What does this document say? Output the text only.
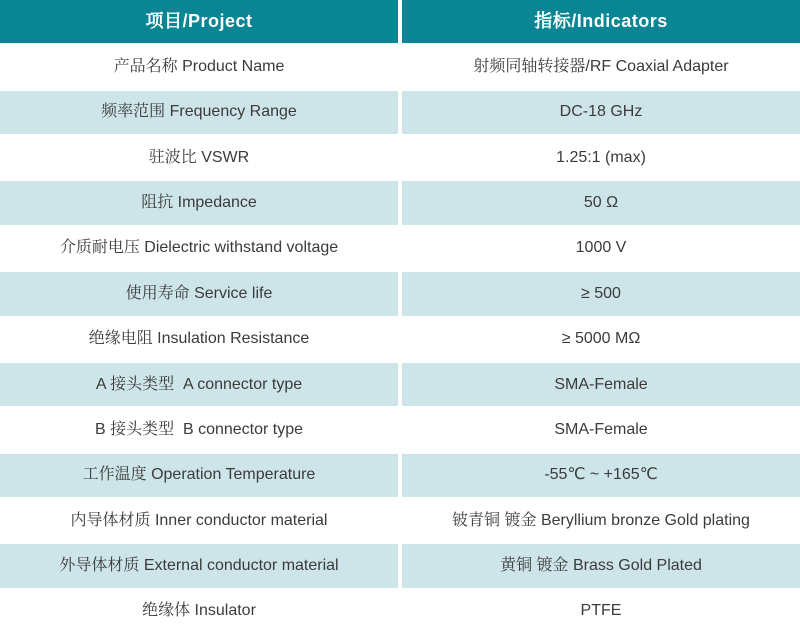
项目/Project	指标/Indicators
产品名称 Product Name	射频同轴转接器/RF Coaxial Adapter
频率范围 Frequency Range	DC-18 GHz
驻波比 VSWR	1.25:1 (max)
阻抗 Impedance	50 Ω
介质耐电压 Dielectric withstand voltage	1000 V
使用寿命 Service life	≥ 500
绝缘电阻 Insulation Resistance	≥ 5000 MΩ
A 接头类型  A connector type	SMA-Female
B 接头类型  B connector type	SMA-Female
工作温度 Operation Temperature	-55℃ ~ +165℃
内导体材质 Inner conductor material	铍青铜 镀金 Beryllium bronze Gold plating
外导体材质 External conductor material	黄铜 镀金 Brass Gold Plated
绝缘体 Insulator	PTFE
